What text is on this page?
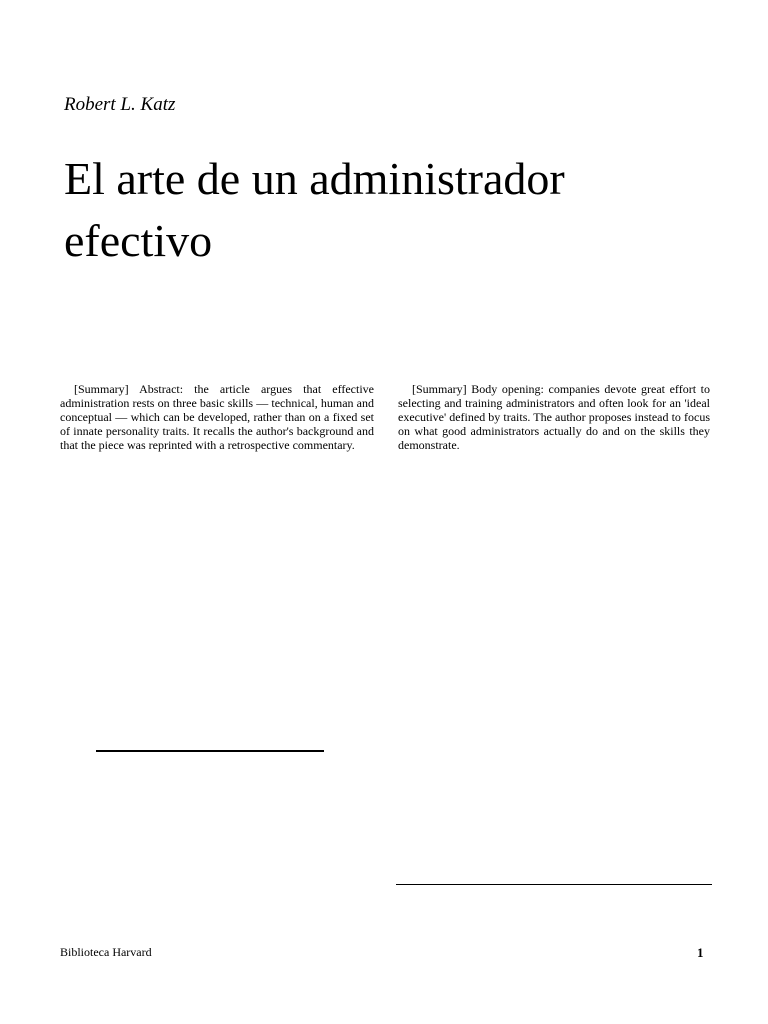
Robert L. Katz
El arte de un administrador efectivo

[Summary] Abstract: the article argues that effective administration rests on three basic skills — technical, human and conceptual — which can be developed, rather than on a fixed set of innate personality traits. It recalls the author's background and that the piece was reprinted with a retrospective commentary.

[Summary] Body opening: companies devote great effort to selecting and training administrators and often look for an 'ideal executive' defined by traits. The author proposes instead to focus on what good administrators actually do and on the skills they demonstrate.

Biblioteca Harvard	1
